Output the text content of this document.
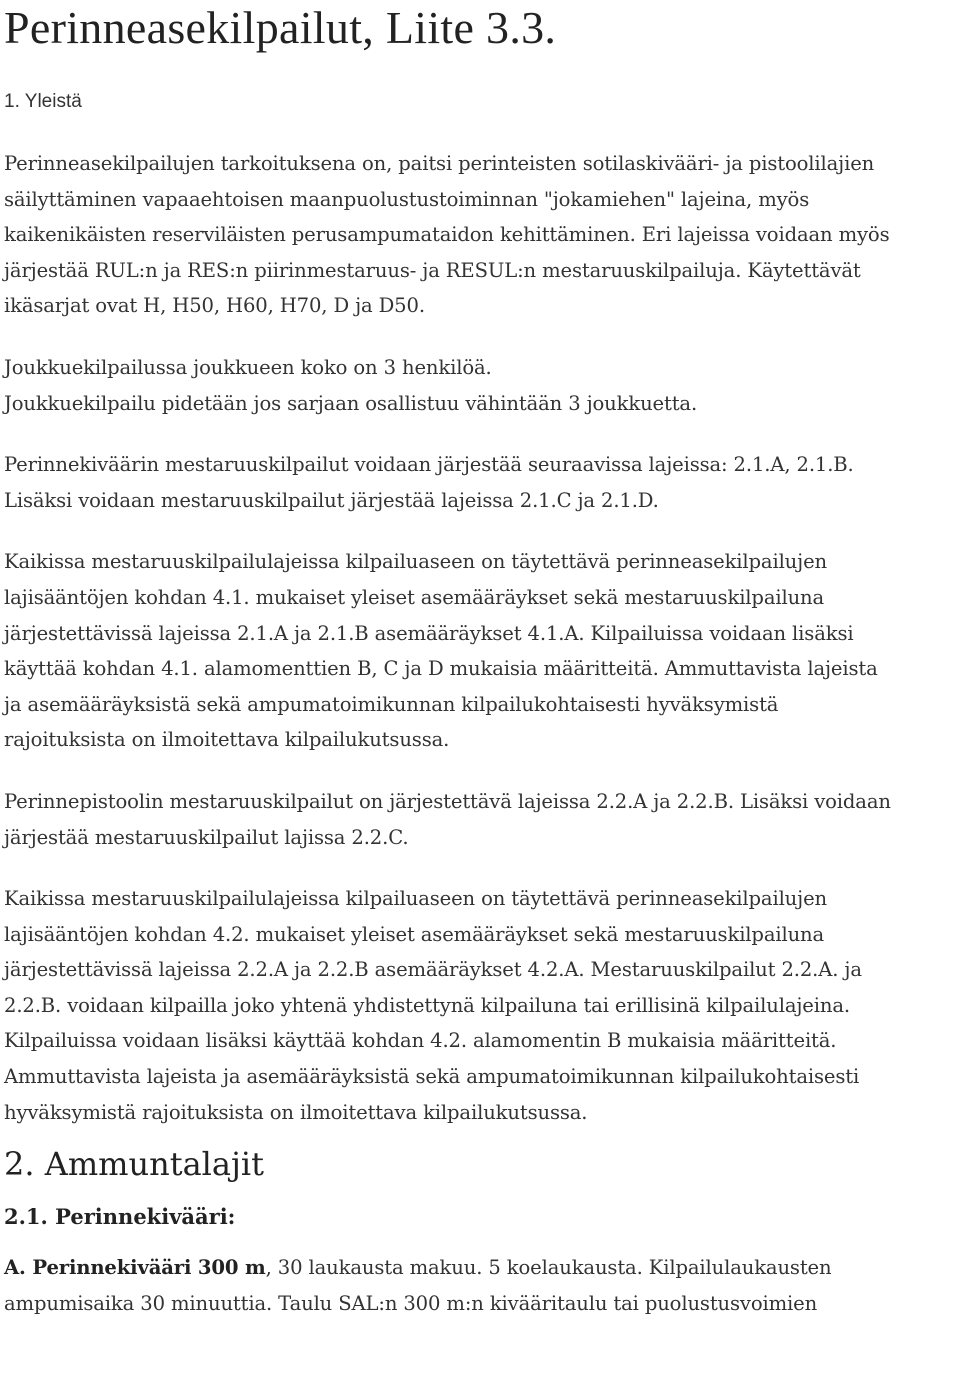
Perinneasekilpailut, Liite 3.3.
1. Yleistä

Perinneasekilpailujen tarkoituksena on, paitsi perinteisten sotilaskivääri- ja pistoolilajien
säilyttäminen vapaaehtoisen maanpuolustustoiminnan "jokamiehen" lajeina, myös
kaikenikäisten reserviläisten perusampumataidon kehittäminen. Eri lajeissa voidaan myös
järjestää RUL:n ja RES:n piirinmestaruus- ja RESUL:n mestaruuskilpailuja. Käytettävät
ikäsarjat ovat H, H50, H60, H70, D ja D50.

Joukkuekilpailussa joukkueen koko on 3 henkilöä.
Joukkuekilpailu pidetään jos sarjaan osallistuu vähintään 3 joukkuetta.

Perinnekiväärin mestaruuskilpailut voidaan järjestää seuraavissa lajeissa: 2.1.A, 2.1.B.
Lisäksi voidaan mestaruuskilpailut järjestää lajeissa 2.1.C ja 2.1.D.

Kaikissa mestaruuskilpailulajeissa kilpailuaseen on täytettävä perinneasekilpailujen
lajisääntöjen kohdan 4.1. mukaiset yleiset asemääräykset sekä mestaruuskilpailuna
järjestettävissä lajeissa 2.1.A ja 2.1.B asemääräykset 4.1.A. Kilpailuissa voidaan lisäksi
käyttää kohdan 4.1. alamomenttien B, C ja D mukaisia määritteitä. Ammuttavista lajeista
ja asemääräyksistä sekä ampumatoimikunnan kilpailukohtaisesti hyväksymistä
rajoituksista on ilmoitettava kilpailukutsussa.

Perinnepistoolin mestaruuskilpailut on järjestettävä lajeissa 2.2.A ja 2.2.B. Lisäksi voidaan
järjestää mestaruuskilpailut lajissa 2.2.C.

Kaikissa mestaruuskilpailulajeissa kilpailuaseen on täytettävä perinneasekilpailujen
lajisääntöjen kohdan 4.2. mukaiset yleiset asemääräykset sekä mestaruuskilpailuna
järjestettävissä lajeissa 2.2.A ja 2.2.B asemääräykset 4.2.A. Mestaruuskilpailut 2.2.A. ja
2.2.B. voidaan kilpailla joko yhtenä yhdistettynä kilpailuna tai erillisinä kilpailulajeina.
Kilpailuissa voidaan lisäksi käyttää kohdan 4.2. alamomentin B mukaisia määritteitä.
Ammuttavista lajeista ja asemääräyksistä sekä ampumatoimikunnan kilpailukohtaisesti
hyväksymistä rajoituksista on ilmoitettava kilpailukutsussa.

2. Ammuntalajit
2.1. Perinnekivääri:

A. Perinnekivääri 300 m, 30 laukausta makuu. 5 koelaukausta. Kilpailulaukausten
ampumisaika 30 minuuttia. Taulu SAL:n 300 m:n kivääritaulu tai puolustusvoimien
